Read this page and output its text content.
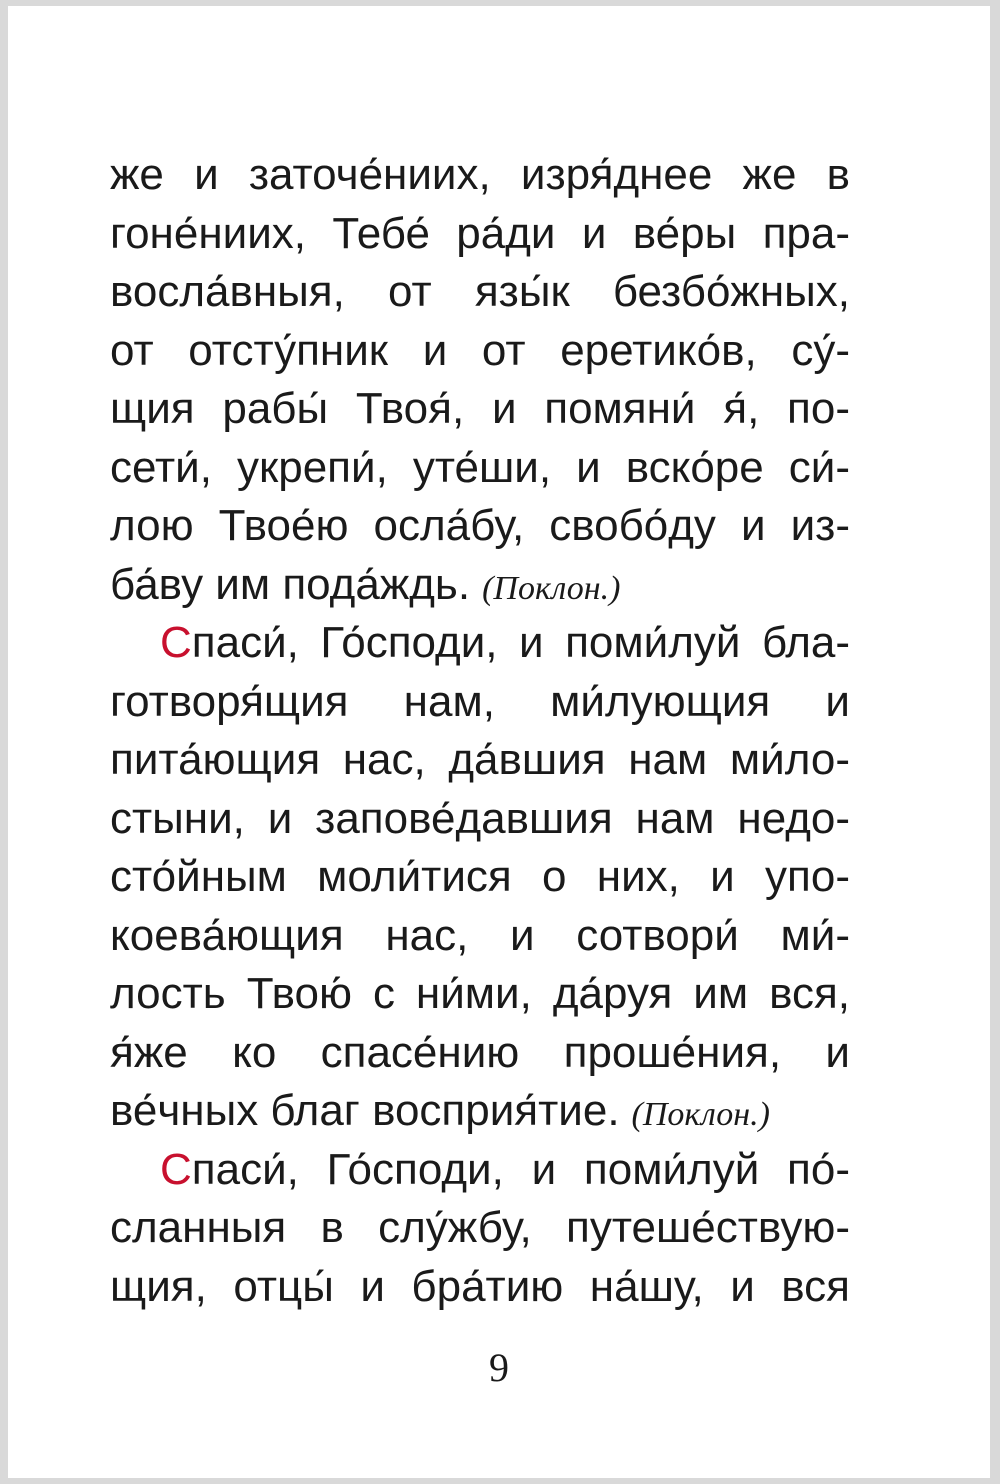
же и заточе́ниих, изря́днее же в
гоне́ниих, Тебе́ ра́ди и ве́ры пра-
восла́вныя, от язы́к безбо́жных,
от отсту́пник и от еретико́в, су́-
щия рабы́ Твоя́, и помяни́ я́, по-
сети́, укрепи́, уте́ши, и вско́ре си́-
лою Твое́ю осла́бу, свобо́ду и из-
ба́ву им пода́ждь. (Поклон.)
Спаси́, Го́споди, и поми́луй бла-
готворя́щия нам, ми́лующия и
пита́ющия нас, да́вшия нам ми́ло-
стыни, и запове́давшия нам недо-
сто́йным моли́тися о них, и упо-
коева́ющия нас, и сотвори́ ми́-
лость Твою́ с ни́ми, да́руя им вся,
я́же ко спасе́нию проше́ния, и
ве́чных благ восприя́тие. (Поклон.)
Спаси́, Го́споди, и поми́луй по́-
сланныя в слу́жбу, путеше́ствую-
щия, отцы́ и бра́тию на́шу, и вся
9
